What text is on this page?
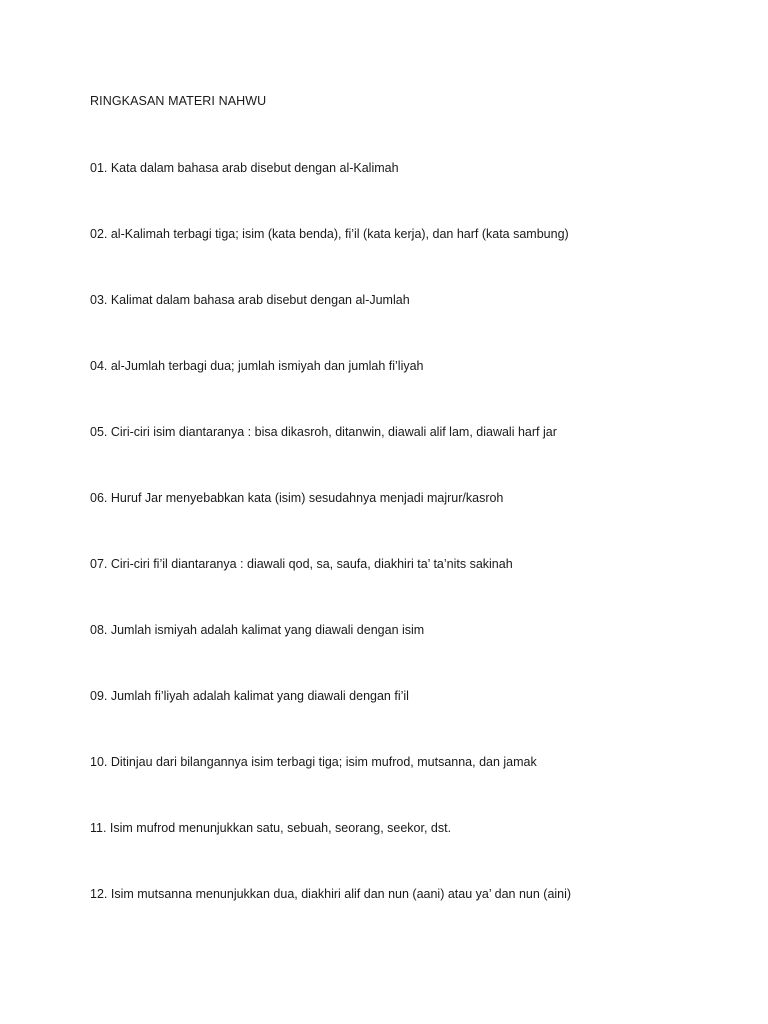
RINGKASAN MATERI NAHWU
01. Kata dalam bahasa arab disebut dengan al-Kalimah
02. al-Kalimah terbagi tiga; isim (kata benda), fi’il (kata kerja), dan harf (kata sambung)
03. Kalimat dalam bahasa arab disebut dengan al-Jumlah
04. al-Jumlah terbagi dua; jumlah ismiyah dan jumlah fi’liyah
05. Ciri-ciri isim diantaranya : bisa dikasroh, ditanwin, diawali alif lam, diawali harf jar
06. Huruf Jar menyebabkan kata (isim) sesudahnya menjadi majrur/kasroh
07. Ciri-ciri fi’il diantaranya : diawali qod, sa, saufa, diakhiri ta’ ta’nits sakinah
08. Jumlah ismiyah adalah kalimat yang diawali dengan isim
09. Jumlah fi’liyah adalah kalimat yang diawali dengan fi’il
10. Ditinjau dari bilangannya isim terbagi tiga; isim mufrod, mutsanna, dan jamak
11. Isim mufrod menunjukkan satu, sebuah, seorang, seekor, dst.
12. Isim mutsanna menunjukkan dua, diakhiri alif dan nun (aani) atau ya’ dan nun (aini)
